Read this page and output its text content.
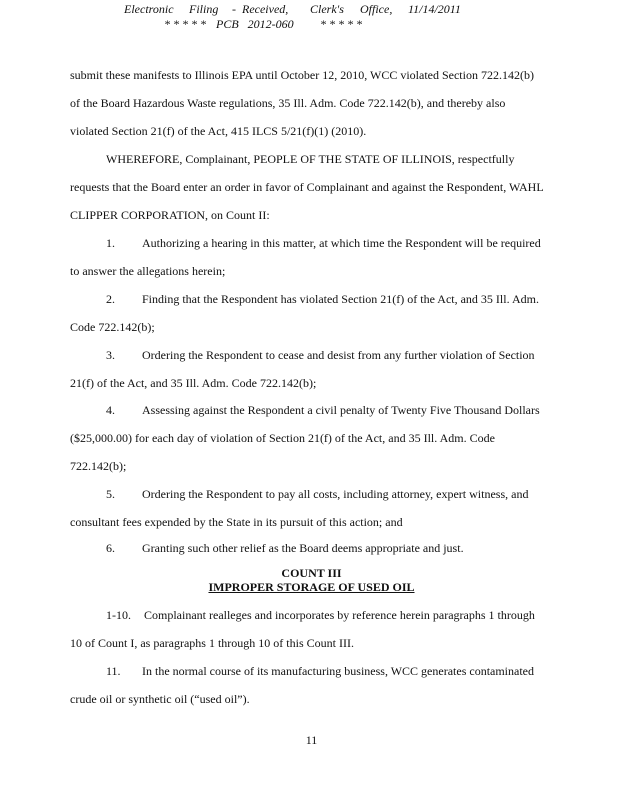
Electronic

Filing

-  Received,

Clerk's

Office,

11/14/2011

* * * * *

PCB   2012-060

* * * * *

submit these manifests to Illinois EPA until October 12, 2010, WCC violated Section 722.142(b)
of the Board Hazardous Waste regulations, 35 Ill. Adm. Code 722.142(b), and thereby also
violated Section 21(f) of the Act, 415 ILCS 5/21(f)(1) (2010).
WHEREFORE, Complainant, PEOPLE OF THE STATE OF ILLINOIS, respectfully
requests that the Board enter an order in favor of Complainant and against the Respondent, WAHL
CLIPPER CORPORATION, on Count II:
1. Authorizing a hearing in this matter, at which time the Respondent will be required
to answer the allegations herein;
2. Finding that the Respondent has violated Section 21(f) of the Act, and 35 Ill. Adm.
Code 722.142(b);
3. Ordering the Respondent to cease and desist from any further violation of Section
21(f) of the Act, and 35 Ill. Adm. Code 722.142(b);
4. Assessing against the Respondent a civil penalty of Twenty Five Thousand Dollars
($25,000.00) for each day of violation of Section 21(f) of the Act, and 35 Ill. Adm. Code
722.142(b);
5. Ordering the Respondent to pay all costs, including attorney, expert witness, and
consultant fees expended by the State in its pursuit of this action; and
6. Granting such other relief as the Board deems appropriate and just.
COUNT III
IMPROPER STORAGE OF USED OIL
1-10. Complainant realleges and incorporates by reference herein paragraphs 1 through
10 of Count I, as paragraphs 1 through 10 of this Count III.
11. In the normal course of its manufacturing business, WCC generates contaminated
crude oil or synthetic oil (“used oil”).
11
